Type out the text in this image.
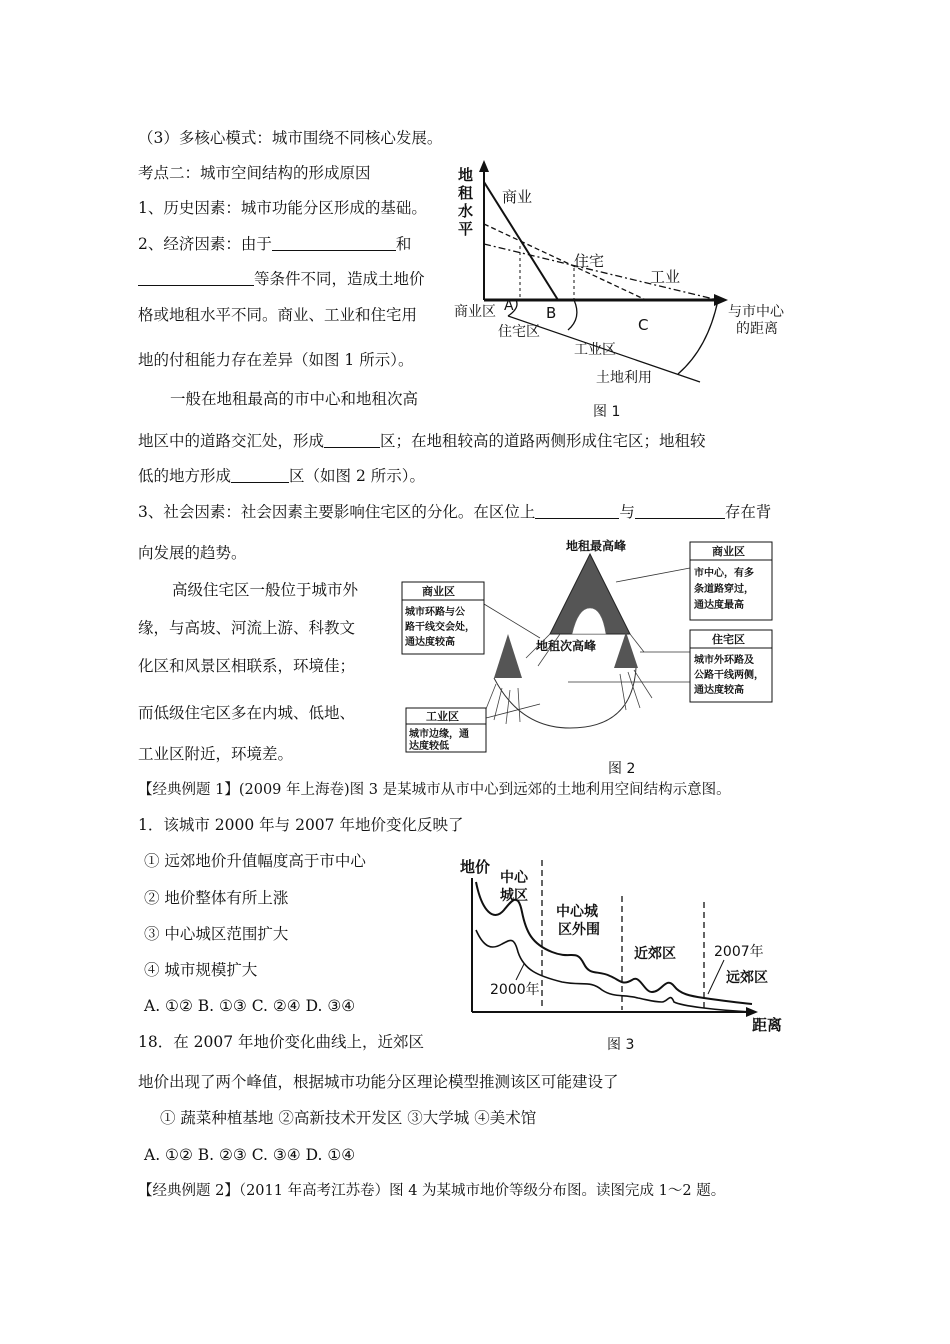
（3）多核心模式：城市围绕不同核心发展。
考点二：城市空间结构的形成原因
1、历史因素：城市功能分区形成的基础。
2、经济因素：由于	和
等条件不同，造成土地价
格或地租水平不同。商业、工业和住宅用
地的付租能力存在差异（如图 1 所示）。
一般在地租最高的市中心和地租次高
地区中的道路交汇处，形成	区；在地租较高的道路两侧形成住宅区；地租较
低的地方形成	区（如图 2 所示）。
3、社会因素：社会因素主要影响住宅区的分化。在区位上	与	存在背
向发展的趋势。
高级住宅区一般位于城市外
缘，与高坡、河流上游、科教文
化区和风景区相联系，环境佳；
而低级住宅区多在内城、低地、
工业区附近，环境差。
【经典例题 1】(2009 年上海卷)图 3 是某城市从市中心到远郊的土地利用空间结构示意图。
1．该城市 2000 年与 2007 年地价变化反映了
① 远郊地价升值幅度高于市中心
② 地价整体有所上涨
③ 中心城区范围扩大
④ 城市规模扩大
A. ①② B. ①③ C. ②④ D. ③④
18．在 2007 年地价变化曲线上，近郊区
地价出现了两个峰值，根据城市功能分区理论模型推测该区可能建设了
① 蔬菜种植基地 ②高新技术开发区 ③大学城 ④美术馆
A. ①② B. ②③ C. ③④ D. ①④
【经典例题 2】（2011 年高考江苏卷）图 4 为某城市地价等级分布图。读图完成 1～2 题。
地
租
水
平
商业
住宅
工业
与市中心
的距离
A B
C
商业区
住宅区
工业区
土地利用
图 1
地租最高峰
地租次高峰
商业区
市中心，有多
条道路穿过，
通达度最高
商业区
城市环路与公
路干线交会处，
通达度较高	住宅区
城市外环路及
公路干线两侧，
通达度较高
工业区
城市边缘，通
达度较低
图 2
地价
中心
城区
中心城
区外围
近郊区	2007年
远郊区
2000年
距离
图 3
